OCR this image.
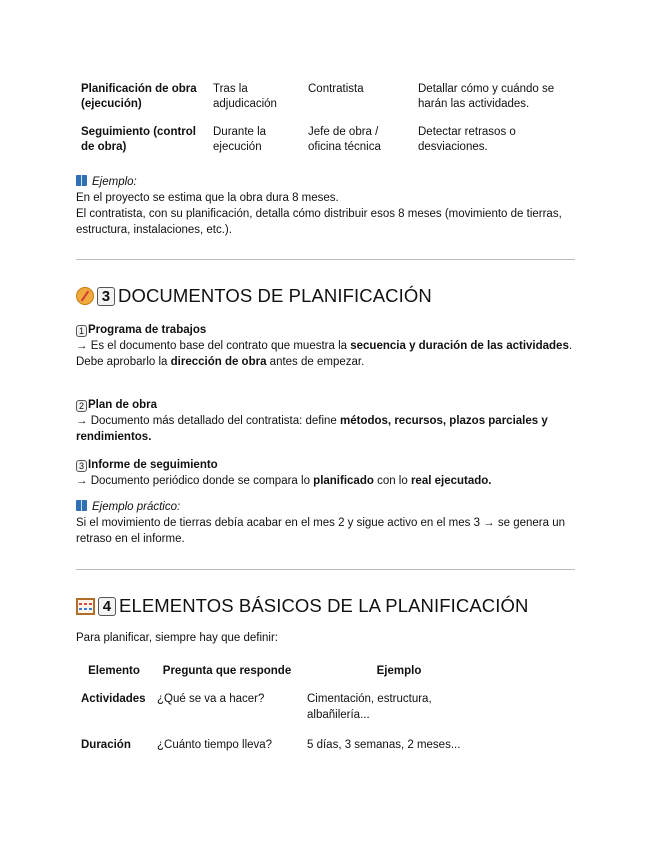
Planificación de obra (ejecución)	Tras la adjudicación	Contratista	Detallar cómo y cuándo se harán las actividades.
Seguimiento (control de obra)	Durante la ejecución	Jefe de obra / oficina técnica	Detectar retrasos o desviaciones.
Ejemplo:
En el proyecto se estima que la obra dura 8 meses.
El contratista, con su planificación, detalla cómo distribuir esos 8 meses (movimiento de tierras, estructura, instalaciones, etc.).
3 DOCUMENTOS DE PLANIFICACIÓN
1 Programa de trabajos
→ Es el documento base del contrato que muestra la secuencia y duración de las actividades.
Debe aprobarlo la dirección de obra antes de empezar.
2 Plan de obra
→ Documento más detallado del contratista: define métodos, recursos, plazos parciales y rendimientos.
3 Informe de seguimiento
→ Documento periódico donde se compara lo planificado con lo real ejecutado.
Ejemplo práctico:
Si el movimiento de tierras debía acabar en el mes 2 y sigue activo en el mes 3 → se genera un retraso en el informe.
4 ELEMENTOS BÁSICOS DE LA PLANIFICACIÓN
Para planificar, siempre hay que definir:
Elemento	Pregunta que responde	Ejemplo
Actividades	¿Qué se va a hacer?	Cimentación, estructura, albañilería...
Duración	¿Cuánto tiempo lleva?	5 días, 3 semanas, 2 meses...
